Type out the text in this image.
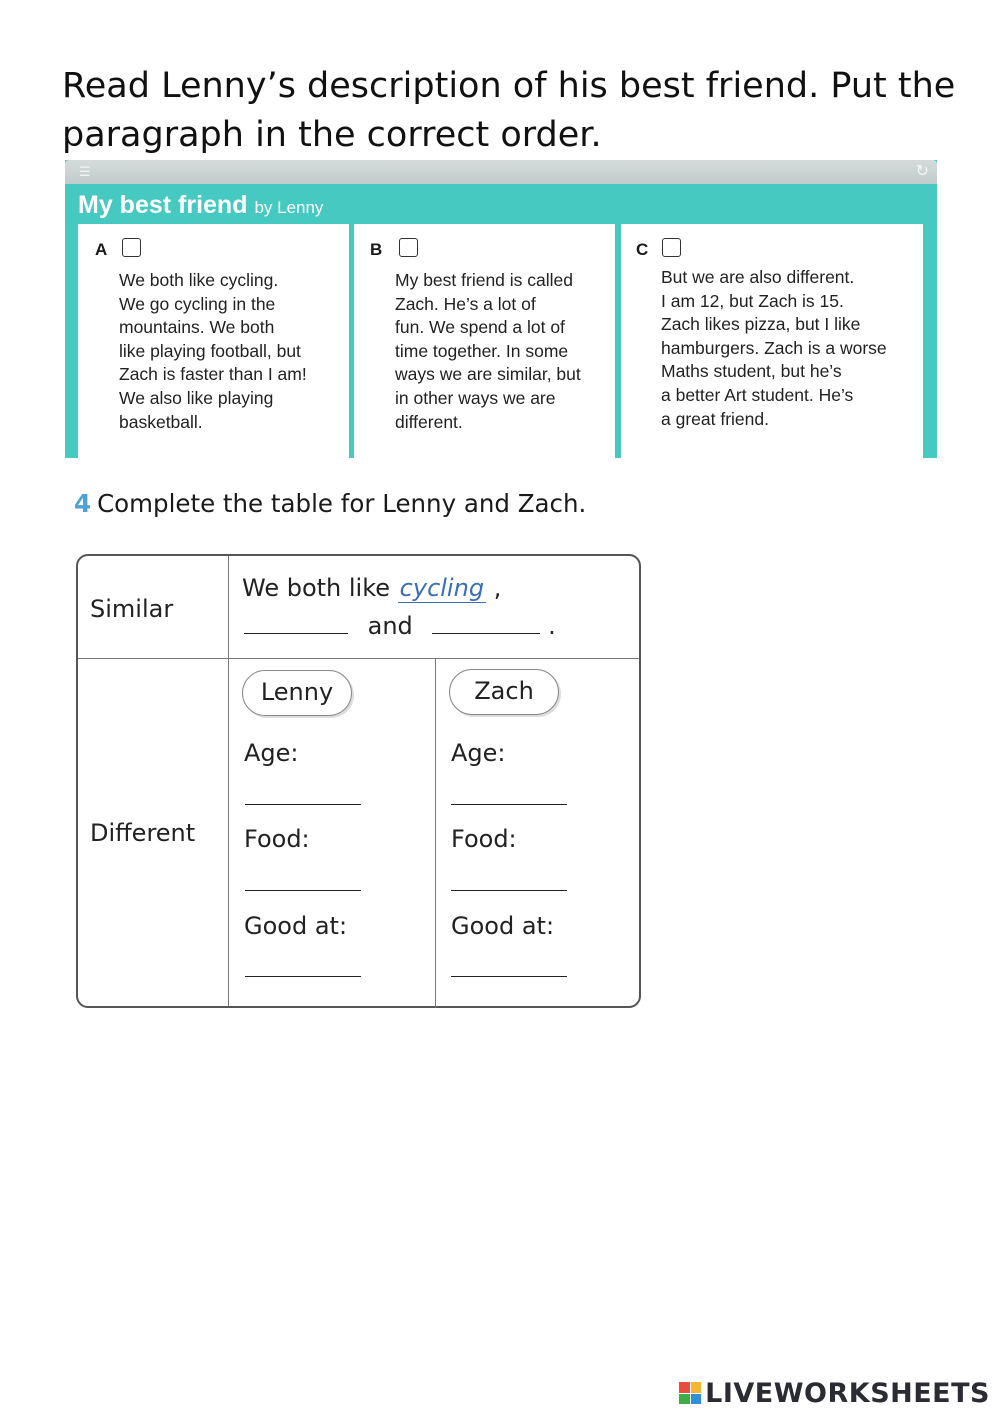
Read Lenny’s description of his best friend. Put the paragraph in the correct order.
☰	↻
My best friend by Lenny
A
We both like cycling.
We go cycling in the
mountains. We both
like playing football, but
Zach is faster than I am!
We also like playing
basketball.
B
My best friend is called
Zach. He’s a lot of
fun. We spend a lot of
time together. In some
ways we are similar, but
in other ways we are
different.
C
But we are also different.
I am 12, but Zach is 15.
Zach likes pizza, but I like
hamburgers. Zach is a worse
Maths student, but he’s
a better Art student. He’s
a great friend.
4 Complete the table for Lenny and Zach.
Similar
We both like cycling ,
and	.
Different
Lenny
Age:
Food:
Good at:
Zach
Age:
Food:
Good at:
LIVEWORKSHEETS
